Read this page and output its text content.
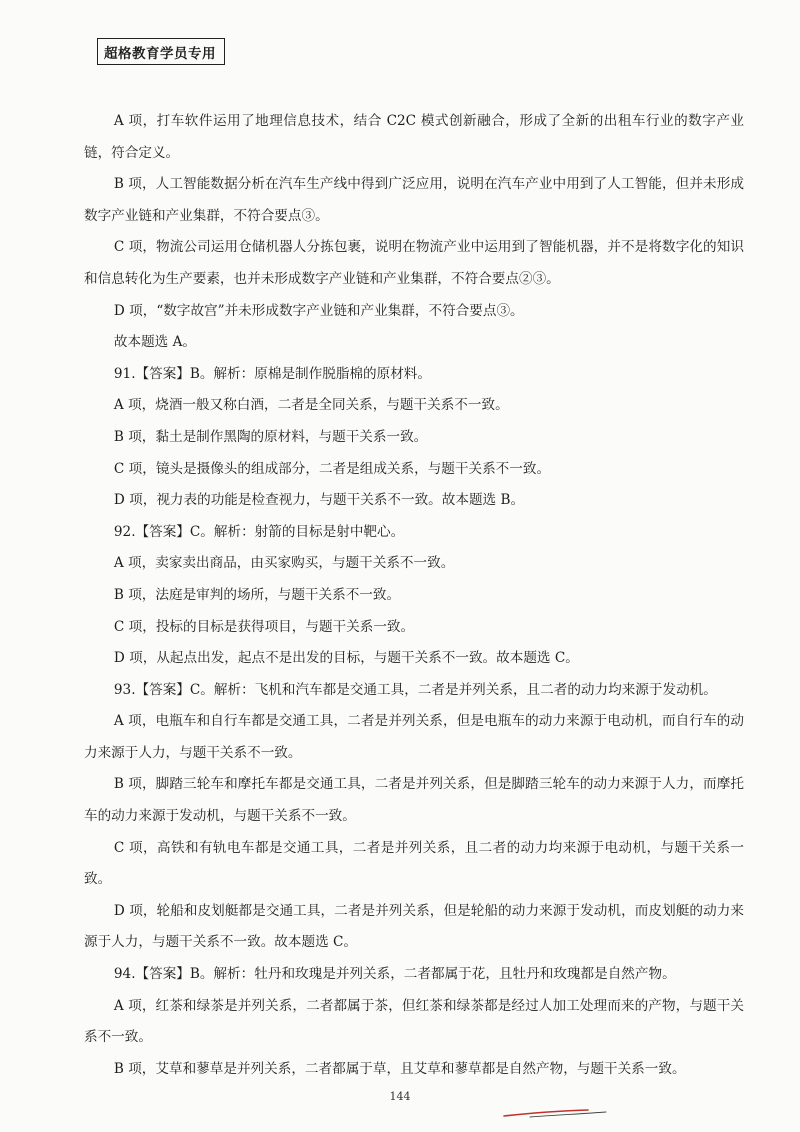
超格教育学员专用

A 项，打车软件运用了地理信息技术，结合 C2C 模式创新融合，形成了全新的出租车行业的数字产业链，符合定义。

B 项，人工智能数据分析在汽车生产线中得到广泛应用，说明在汽车产业中用到了人工智能，但并未形成数字产业链和产业集群，不符合要点③。

C 项，物流公司运用仓储机器人分拣包裹，说明在物流产业中运用到了智能机器，并不是将数字化的知识和信息转化为生产要素，也并未形成数字产业链和产业集群，不符合要点②③。

D 项，“数字故宫”并未形成数字产业链和产业集群，不符合要点③。

故本题选 A。

91.【答案】B。解析：原棉是制作脱脂棉的原材料。

A 项，烧酒一般又称白酒，二者是全同关系，与题干关系不一致。

B 项，黏土是制作黑陶的原材料，与题干关系一致。

C 项，镜头是摄像头的组成部分，二者是组成关系，与题干关系不一致。

D 项，视力表的功能是检查视力，与题干关系不一致。故本题选 B。

92.【答案】C。解析：射箭的目标是射中靶心。

A 项，卖家卖出商品，由买家购买，与题干关系不一致。

B 项，法庭是审判的场所，与题干关系不一致。

C 项，投标的目标是获得项目，与题干关系一致。

D 项，从起点出发，起点不是出发的目标，与题干关系不一致。故本题选 C。

93.【答案】C。解析：飞机和汽车都是交通工具，二者是并列关系，且二者的动力均来源于发动机。

A 项，电瓶车和自行车都是交通工具，二者是并列关系，但是电瓶车的动力来源于电动机，而自行车的动力来源于人力，与题干关系不一致。

B 项，脚踏三轮车和摩托车都是交通工具，二者是并列关系，但是脚踏三轮车的动力来源于人力，而摩托车的动力来源于发动机，与题干关系不一致。

C 项，高铁和有轨电车都是交通工具，二者是并列关系，且二者的动力均来源于电动机，与题干关系一致。

D 项，轮船和皮划艇都是交通工具，二者是并列关系，但是轮船的动力来源于发动机，而皮划艇的动力来源于人力，与题干关系不一致。故本题选 C。

94.【答案】B。解析：牡丹和玫瑰是并列关系，二者都属于花，且牡丹和玫瑰都是自然产物。

A 项，红茶和绿茶是并列关系，二者都属于茶，但红茶和绿茶都是经过人加工处理而来的产物，与题干关系不一致。

B 项，艾草和蓼草是并列关系，二者都属于草，且艾草和蓼草都是自然产物，与题干关系一致。

144
